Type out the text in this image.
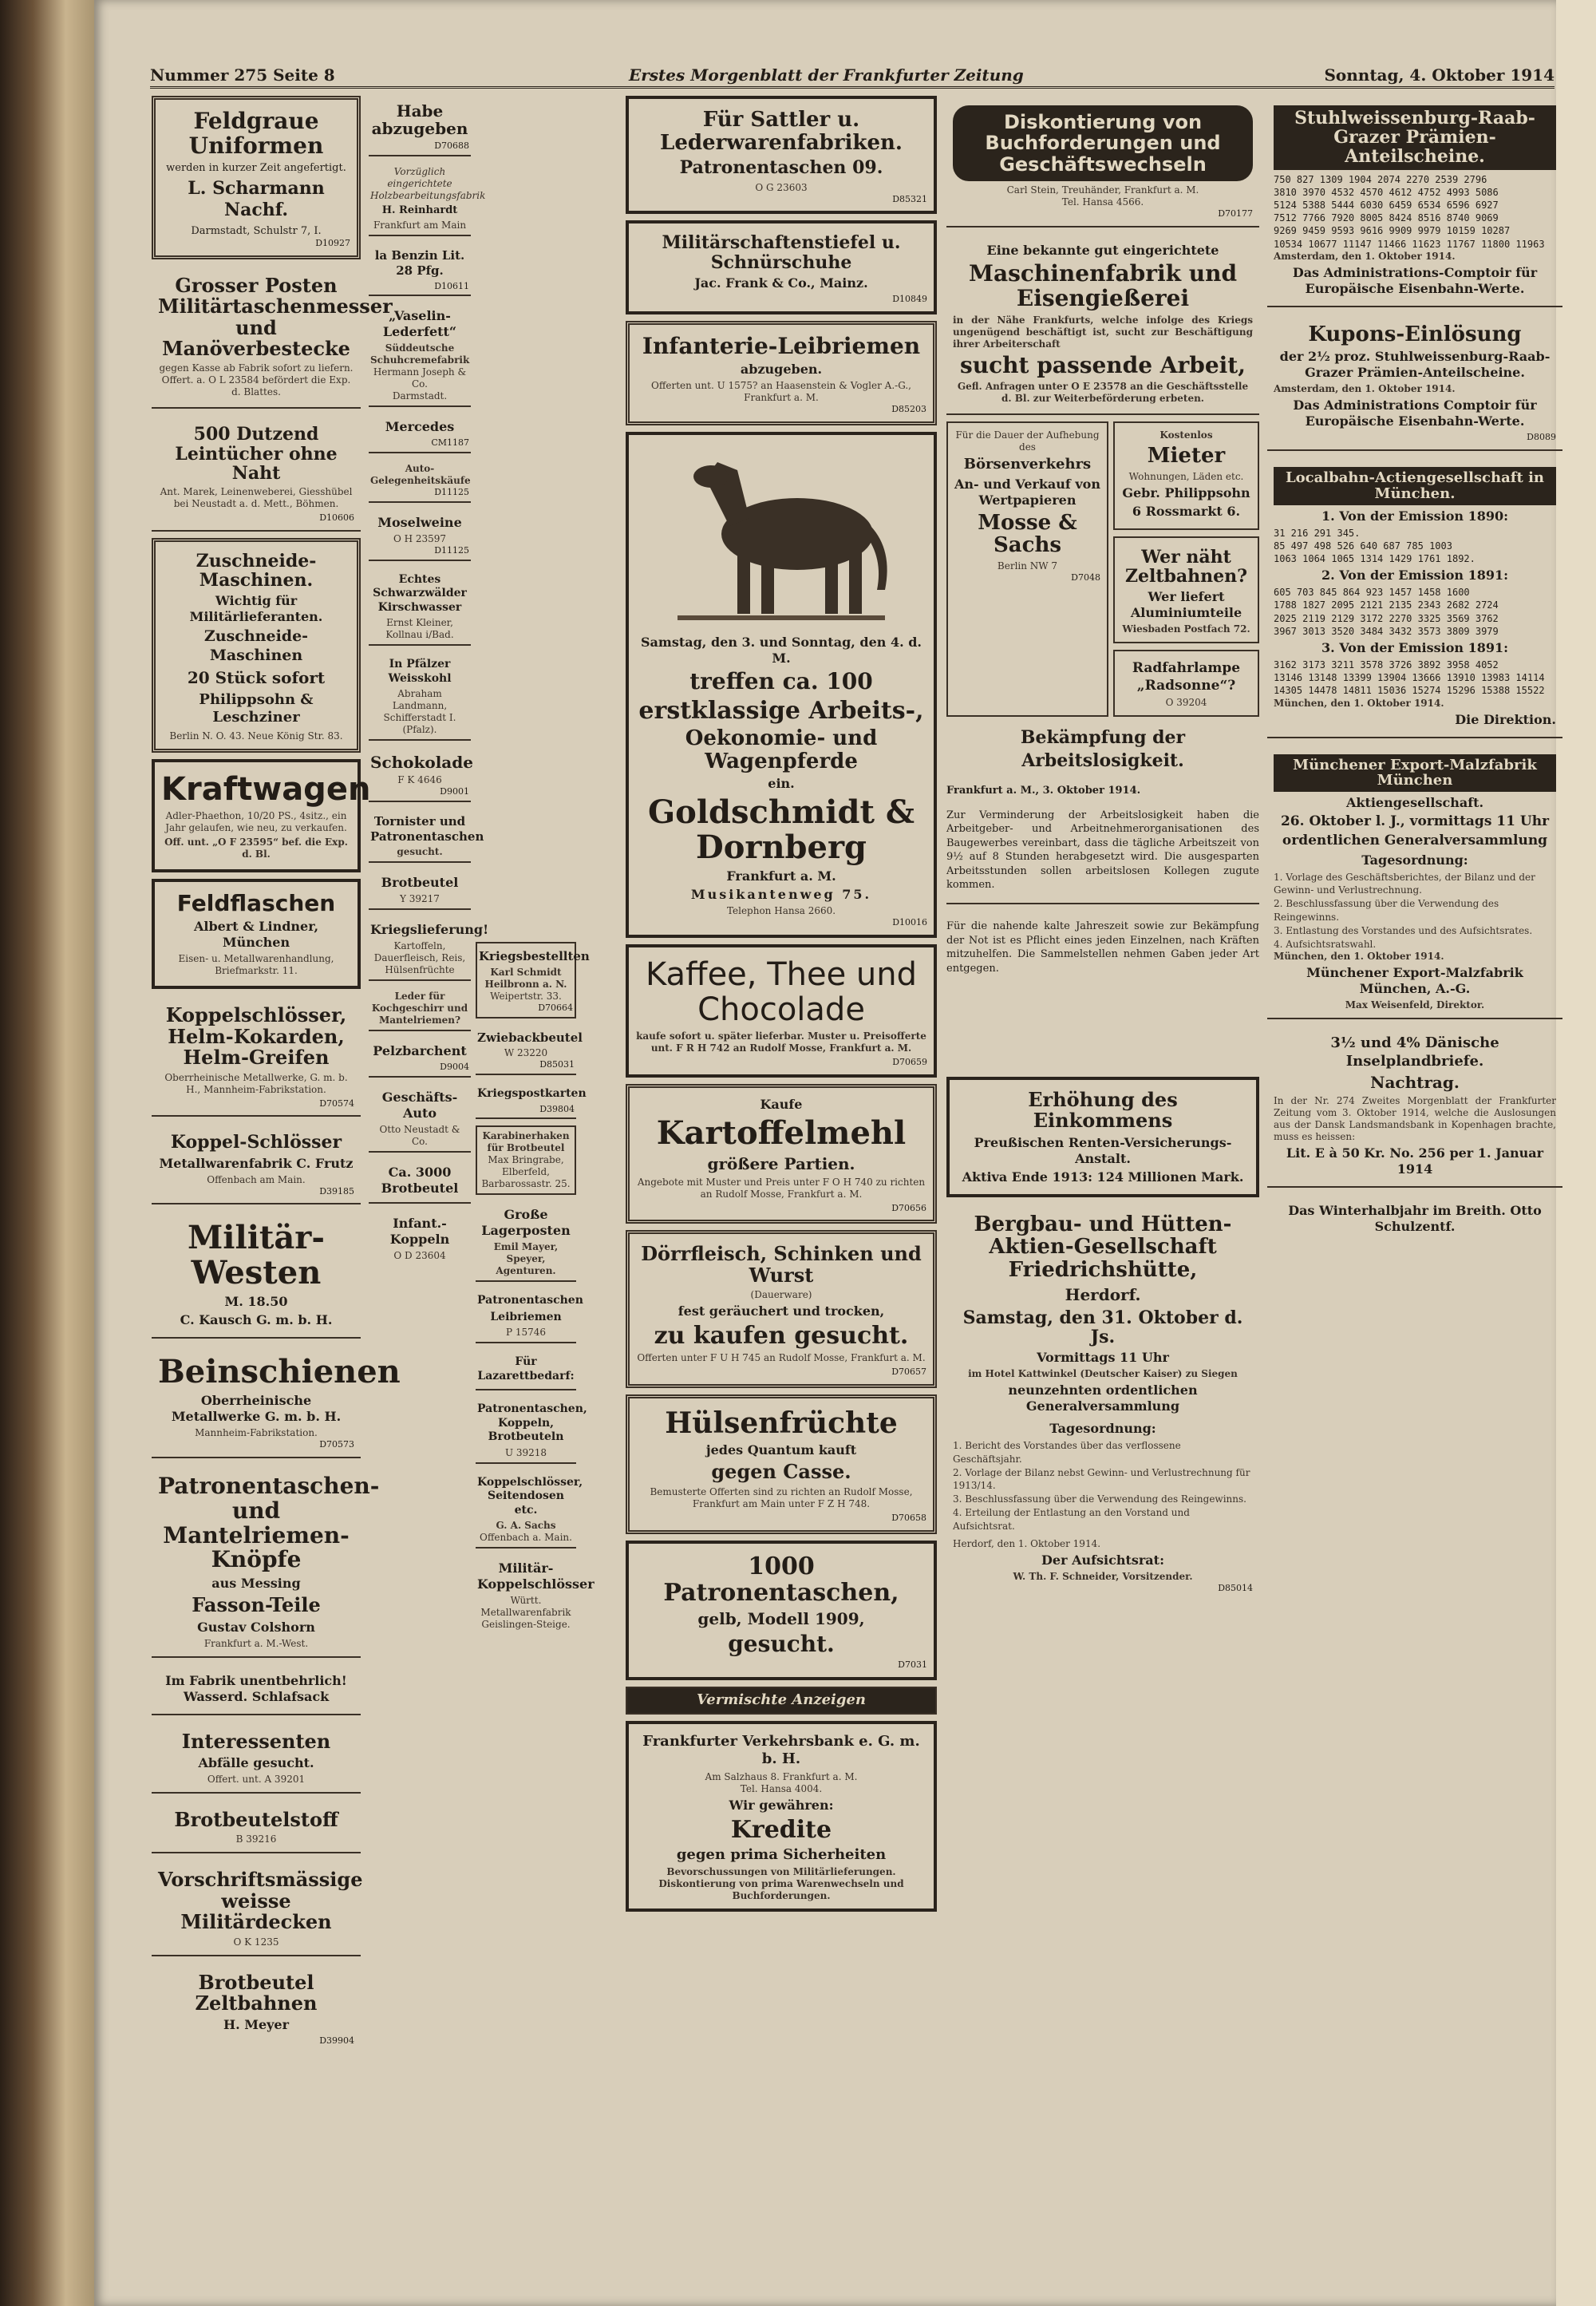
Nummer 275 Seite 8	Erstes Morgenblatt der Frankfurter Zeitung	Sonntag, 4. Oktober 1914
Feldgraue Uniformen
werden in kurzer Zeit angefertigt.
L. Scharmann Nachf.
Darmstadt, Schulstr 7, I.
D10927
Grosser Posten Militärtaschenmesser und Manöverbestecke

gegen Kasse ab Fabrik sofort zu liefern. Offert. a. O L 23584 befördert die Exp. d. Blattes.

500 Dutzend Leintücher ohne Naht

Ant. Marek, Leinenweberei, Giesshübel bei Neustadt a. d. Mett., Böhmen.

D10606
Zuschneide-Maschinen.
Wichtig für Militärlieferanten.
Zuschneide-Maschinen
20 Stück sofort
Philippsohn & Leschziner
Berlin N. O. 43. Neue König Str. 83.
Kraftwagen

Adler-Phaethon, 10/20 PS., 4sitz., ein Jahr gelaufen, wie neu, zu verkaufen.

Off. unt. „O F 23595“ bef. die Exp. d. Bl.

Feldflaschen
Albert & Lindner, München

Eisen- u. Metallwarenhandlung, Briefmarkstr. 11.

Koppelschlösser, Helm-Kokarden, Helm-Greifen

Oberrheinische Metallwerke, G. m. b. H., Mannheim-Fabrikstation.

D70574
Koppel-Schlösser
Metallwarenfabrik C. Frutz
Offenbach am Main.
D39185
Militär-Westen
M. 18.50
C. Kausch G. m. b. H.
Beinschienen
Oberrheinische Metallwerke G. m. b. H.
Mannheim-Fabrikstation.
D70573
Patronentaschen- und Mantelriemen-Knöpfe
aus Messing
Fasson-Teile
Gustav Colshorn
Frankfurt a. M.-West.
Im Fabrik unentbehrlich! Wasserd. Schlafsack
Interessenten
Abfälle gesucht.
Offert. unt. A 39201
Brotbeutelstoff
B 39216
Vorschriftsmässige weisse Militärdecken
O K 1235
Brotbeutel Zeltbahnen
H. Meyer
D39904
Habe abzugeben
D70688
Vorzüglich eingerichtete Holzbearbeitungsfabrik
H. Reinhardt
Frankfurt am Main
la Benzin Lit. 28 Pfg.
D10611
„Vaselin-Lederfett“
Süddeutsche Schuhcremefabrik
Hermann Joseph & Co.
Darmstadt.
Mercedes
CM1187
Auto-Gelegenheitskäufe
D11125
Moselweine
O H 23597
D11125
Echtes Schwarzwälder Kirschwasser
Ernst Kleiner, Kollnau i/Bad.
In Pfälzer Weisskohl
Abraham Landmann, Schifferstadt I. (Pfalz).
Schokolade
F K 4646
D9001
Tornister und Patronentaschen
gesucht.
Brotbeutel
Y 39217
Kriegslieferung!
Kartoffeln, Dauerfleisch, Reis, Hülsenfrüchte
Leder für Kochgeschirr und Mantelriemen?
Pelzbarchent
D9004
Geschäfts-Auto
Otto Neustadt & Co.
Ca. 3000 Brotbeutel
Infant.-Koppeln
O D 23604
Kriegsbestellten
Karl Schmidt Heilbronn a. N.
Weipertstr. 33.
D70664
Zwiebackbeutel
W 23220
D85031
Kriegspostkarten
D39804
Karabinerhaken für Brotbeutel
Max Bringrabe, Elberfeld,
Barbarossastr. 25.
Große Lagerposten
Emil Mayer, Speyer, Agenturen.
Patronentaschen
Leibriemen
P 15746
Für Lazarettbedarf:
Patronentaschen, Koppeln, Brotbeuteln
U 39218
Koppelschlösser, Seitendosen etc.
G. A. Sachs
Offenbach a. Main.
Militär-Koppelschlösser
Württ. Metallwarenfabrik Geislingen-Steige.
Für Sattler u. Lederwarenfabriken.
Patronentaschen 09.
O G 23603
D85321
Militärschaftenstiefel u. Schnürschuhe
Jac. Frank & Co., Mainz.
D10849
Infanterie-Leibriemen
abzugeben.
Offerten unt. U 1575? an Haasenstein & Vogler A.-G., Frankfurt a. M.
D85203
Samstag, den 3. und Sonntag, den 4. d. M.
treffen ca. 100
erstklassige Arbeits-,
Oekonomie- und Wagenpferde
ein.
Goldschmidt & Dornberg
Frankfurt a. M.
Musikantenweg 75.
Telephon Hansa 2660.
D10016
Kaffee, Thee und Chocolade

kaufe sofort u. später lieferbar. Muster u. Preisofferte unt. F R H 742 an Rudolf Mosse, Frankfurt a. M.

D70659
Kaufe
Kartoffelmehl
größere Partien.

Angebote mit Muster und Preis unter F O H 740 zu richten an Rudolf Mosse, Frankfurt a. M.

D70656
Dörrfleisch, Schinken und Wurst
(Dauerware)
fest geräuchert und trocken,
zu kaufen gesucht.

Offerten unter F U H 745 an Rudolf Mosse, Frankfurt a. M.

D70657
Hülsenfrüchte
jedes Quantum kauft
gegen Casse.

Bemusterte Offerten sind zu richten an Rudolf Mosse, Frankfurt am Main unter F Z H 748.

D70658
1000 Patronentaschen,
gelb, Modell 1909,
gesucht.
D7031
Vermischte Anzeigen
Frankfurter Verkehrsbank e. G. m. b. H.
Am Salzhaus 8. Frankfurt a. M.
Tel. Hansa 4004.
Wir gewähren:
Kredite
gegen prima Sicherheiten
Bevorschussungen von Militärlieferungen.
Diskontierung von prima Warenwechseln und Buchforderungen.
Diskontierung von Buchforderungen und Geschäftswechseln
Carl Stein, Treuhänder, Frankfurt a. M.
Tel. Hansa 4566.
D70177
Eine bekannte gut eingerichtete
Maschinenfabrik und Eisengießerei

in der Nähe Frankfurts, welche infolge des Kriegs ungenügend beschäftigt ist, sucht zur Beschäftigung ihrer Arbeiterschaft

sucht passende Arbeit,

Gefl. Anfragen unter O E 23578 an die Geschäftsstelle d. Bl. zur Weiterbeförderung erbeten.

Für die Dauer der Aufhebung des
Börsenverkehrs
An- und Verkauf von Wertpapieren
Mosse & Sachs
Berlin NW 7
D7048
Kostenlos
Mieter
Wohnungen, Läden etc.
Gebr. Philippsohn
6 Rossmarkt 6.
Wer näht Zeltbahnen?
Wer liefert Aluminiumteile
Wiesbaden Postfach 72.
Radfahrlampe „Radsonne“?
O 39204
Bekämpfung der Arbeitslosigkeit.

Frankfurt a. M., 3. Oktober 1914.

Zur Verminderung der Arbeitslosigkeit haben die Arbeitgeber- und Arbeitnehmerorganisationen des Baugewerbes vereinbart, dass die tägliche Arbeitszeit von 9½ auf 8 Stunden herabgesetzt wird. Die ausgesparten Arbeitsstunden sollen arbeitslosen Kollegen zugute kommen.

Für die nahende kalte Jahreszeit sowie zur Bekämpfung der Not ist es Pflicht eines jeden Einzelnen, nach Kräften mitzuhelfen. Die Sammelstellen nehmen Gaben jeder Art entgegen.

Erhöhung des Einkommens
Preußischen Renten-Versicherungs-Anstalt.
Aktiva Ende 1913: 124 Millionen Mark.
Bergbau- und Hütten-Aktien-Gesellschaft Friedrichshütte,
Herdorf.
Samstag, den 31. Oktober d. Js.
Vormittags 11 Uhr
im Hotel Kattwinkel (Deutscher Kaiser) zu Siegen
neunzehnten ordentlichen Generalversammlung
Tagesordnung:
1. Bericht des Vorstandes über das verflossene Geschäftsjahr.
2. Vorlage der Bilanz nebst Gewinn- und Verlustrechnung für 1913/14.
3. Beschlussfassung über die Verwendung des Reingewinns.
4. Erteilung der Entlastung an den Vorstand und Aufsichtsrat.
Herdorf, den 1. Oktober 1914.
Der Aufsichtsrat:
W. Th. F. Schneider, Vorsitzender.
D85014
Stuhlweissenburg-Raab-Grazer Prämien-Anteilscheine.
750 827 1309 1904 2074 2270 2539 2796
3810 3970 4532 4570 4612 4752 4993 5086
5124 5388 5444 6030 6459 6534 6596 6927
7512 7766 7920 8005 8424 8516 8740 9069
9269 9459 9593 9616 9909 9979 10159 10287
10534 10677 11147 11466 11623 11767 11800 11963
Amsterdam, den 1. Oktober 1914.
Das Administrations-Comptoir für Europäische Eisenbahn-Werte.
Kupons-Einlösung
der 2½ proz. Stuhlweissenburg-Raab-Grazer Prämien-Anteilscheine.
Amsterdam, den 1. Oktober 1914.
Das Administrations Comptoir für Europäische Eisenbahn-Werte.
D8089
Localbahn-Actiengesellschaft in München.
1. Von der Emission 1890:
31 216 291 345.
85 497 498 526 640 687 785 1003
1063 1064 1065 1314 1429 1761 1892.
2. Von der Emission 1891:
605 703 845 864 923 1457 1458 1600
1788 1827 2095 2121 2135 2343 2682 2724
2025 2119 2129 3172 2270 3325 3569 3762
3967 3013 3520 3484 3432 3573 3809 3979
3. Von der Emission 1891:
3162 3173 3211 3578 3726 3892 3958 4052
13146 13148 13399 13904 13666 13910 13983 14114
14305 14478 14811 15036 15274 15296 15388 15522
München, den 1. Oktober 1914.
Die Direktion.
Münchener Export-Malzfabrik München
Aktiengesellschaft.
26. Oktober l. J., vormittags 11 Uhr
ordentlichen Generalversammlung
Tagesordnung:
1. Vorlage des Geschäftsberichtes, der Bilanz und der Gewinn- und Verlustrechnung.
2. Beschlussfassung über die Verwendung des Reingewinns.
3. Entlastung des Vorstandes und des Aufsichtsrates.
4. Aufsichtsratswahl.
München, den 1. Oktober 1914.
Münchener Export-Malzfabrik München, A.-G.
Max Weisenfeld, Direktor.
3½ und 4% Dänische Inselplandbriefe.
Nachtrag.

In der Nr. 274 Zweites Morgenblatt der Frankfurter Zeitung vom 3. Oktober 1914, welche die Auslosungen aus der Dansk Landsmandsbank in Kopenhagen brachte, muss es heissen:

Lit. E à 50 Kr. No. 256 per 1. Januar 1914
Das Winterhalbjahr im Breith. Otto Schulzentf.
